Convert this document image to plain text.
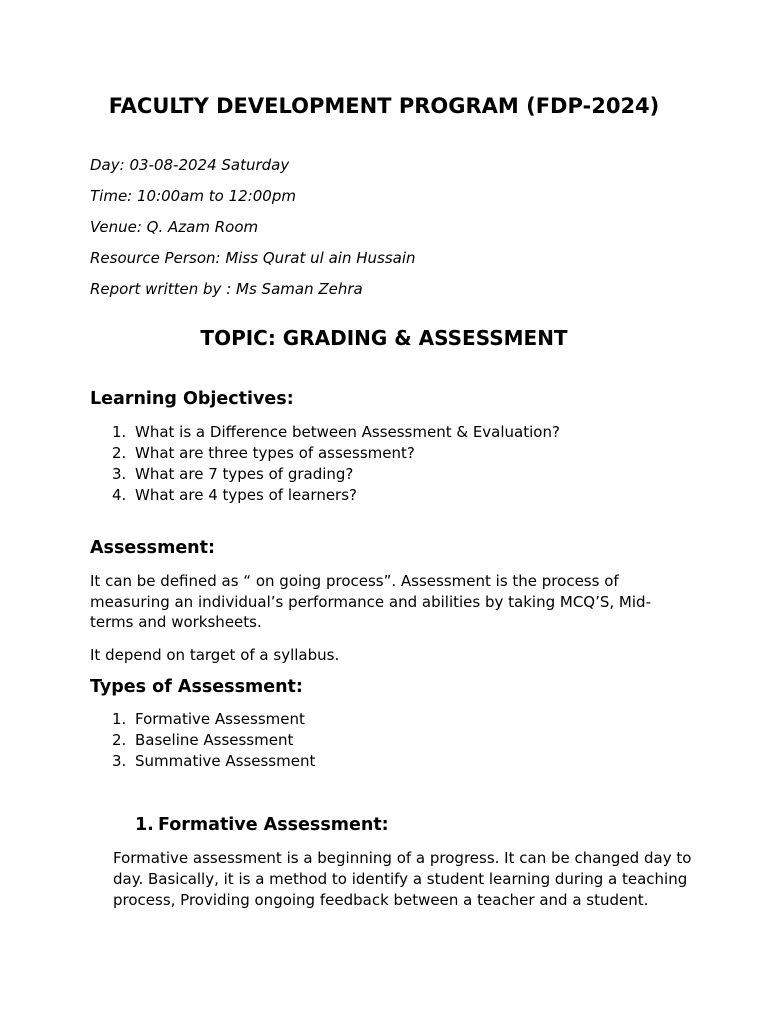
FACULTY DEVELOPMENT PROGRAM (FDP-2024)

Day: 03-08-2024 Saturday

Time: 10:00am to 12:00pm

Venue: Q. Azam Room

Resource Person: Miss Qurat ul ain Hussain

Report written by : Ms Saman Zehra

TOPIC: GRADING & ASSESSMENT
Learning Objectives:
1. What is a Difference between Assessment & Evaluation?
2. What are three types of assessment?
3. What are 7 types of grading?
4. What are 4 types of learners?
Assessment:

It can be defined as “ on going process”. Assessment is the process of measuring an individual’s performance and abilities by taking MCQ’S, Mid-terms and worksheets.

It depend on target of a syllabus.

Types of Assessment:
1. Formative Assessment
2. Baseline Assessment
3. Summative Assessment
1. Formative Assessment:

Formative assessment is a beginning of a progress. It can be changed day to day. Basically, it is a method to identify a student learning during a teaching process, Providing ongoing feedback between a teacher and a student.
